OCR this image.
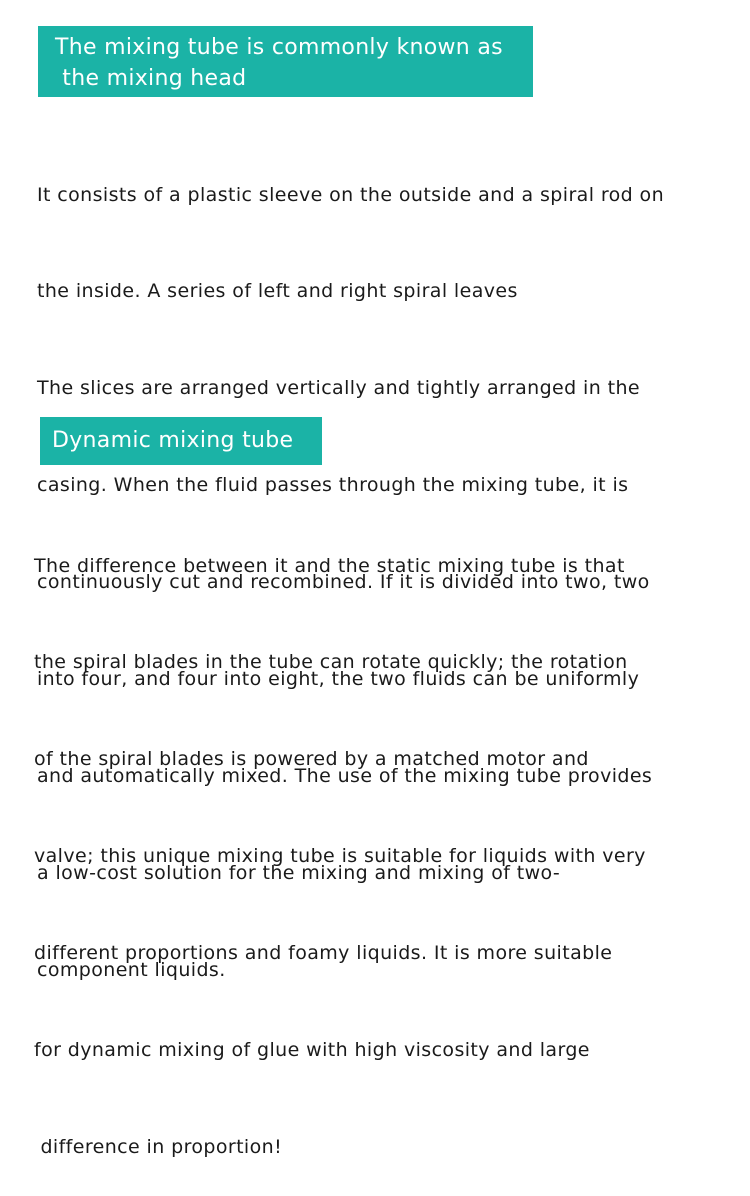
The mixing tube is commonly known as
the mixing head

It consists of a plastic sleeve on the outside and a spiral rod on

the inside. A series of left and right spiral leaves

The slices are arranged vertically and tightly arranged in the

casing. When the fluid passes through the mixing tube, it is

continuously cut and recombined. If it is divided into two, two

into four, and four into eight, the two fluids can be uniformly

and automatically mixed. The use of the mixing tube provides

a low-cost solution for the mixing and mixing of two-

component liquids.

Dynamic mixing tube

The difference between it and the static mixing tube is that

the spiral blades in the tube can rotate quickly; the rotation

of the spiral blades is powered by a matched motor and

valve; this unique mixing tube is suitable for liquids with very

different proportions and foamy liquids. It is more suitable

for dynamic mixing of glue with high viscosity and large

difference in proportion!
